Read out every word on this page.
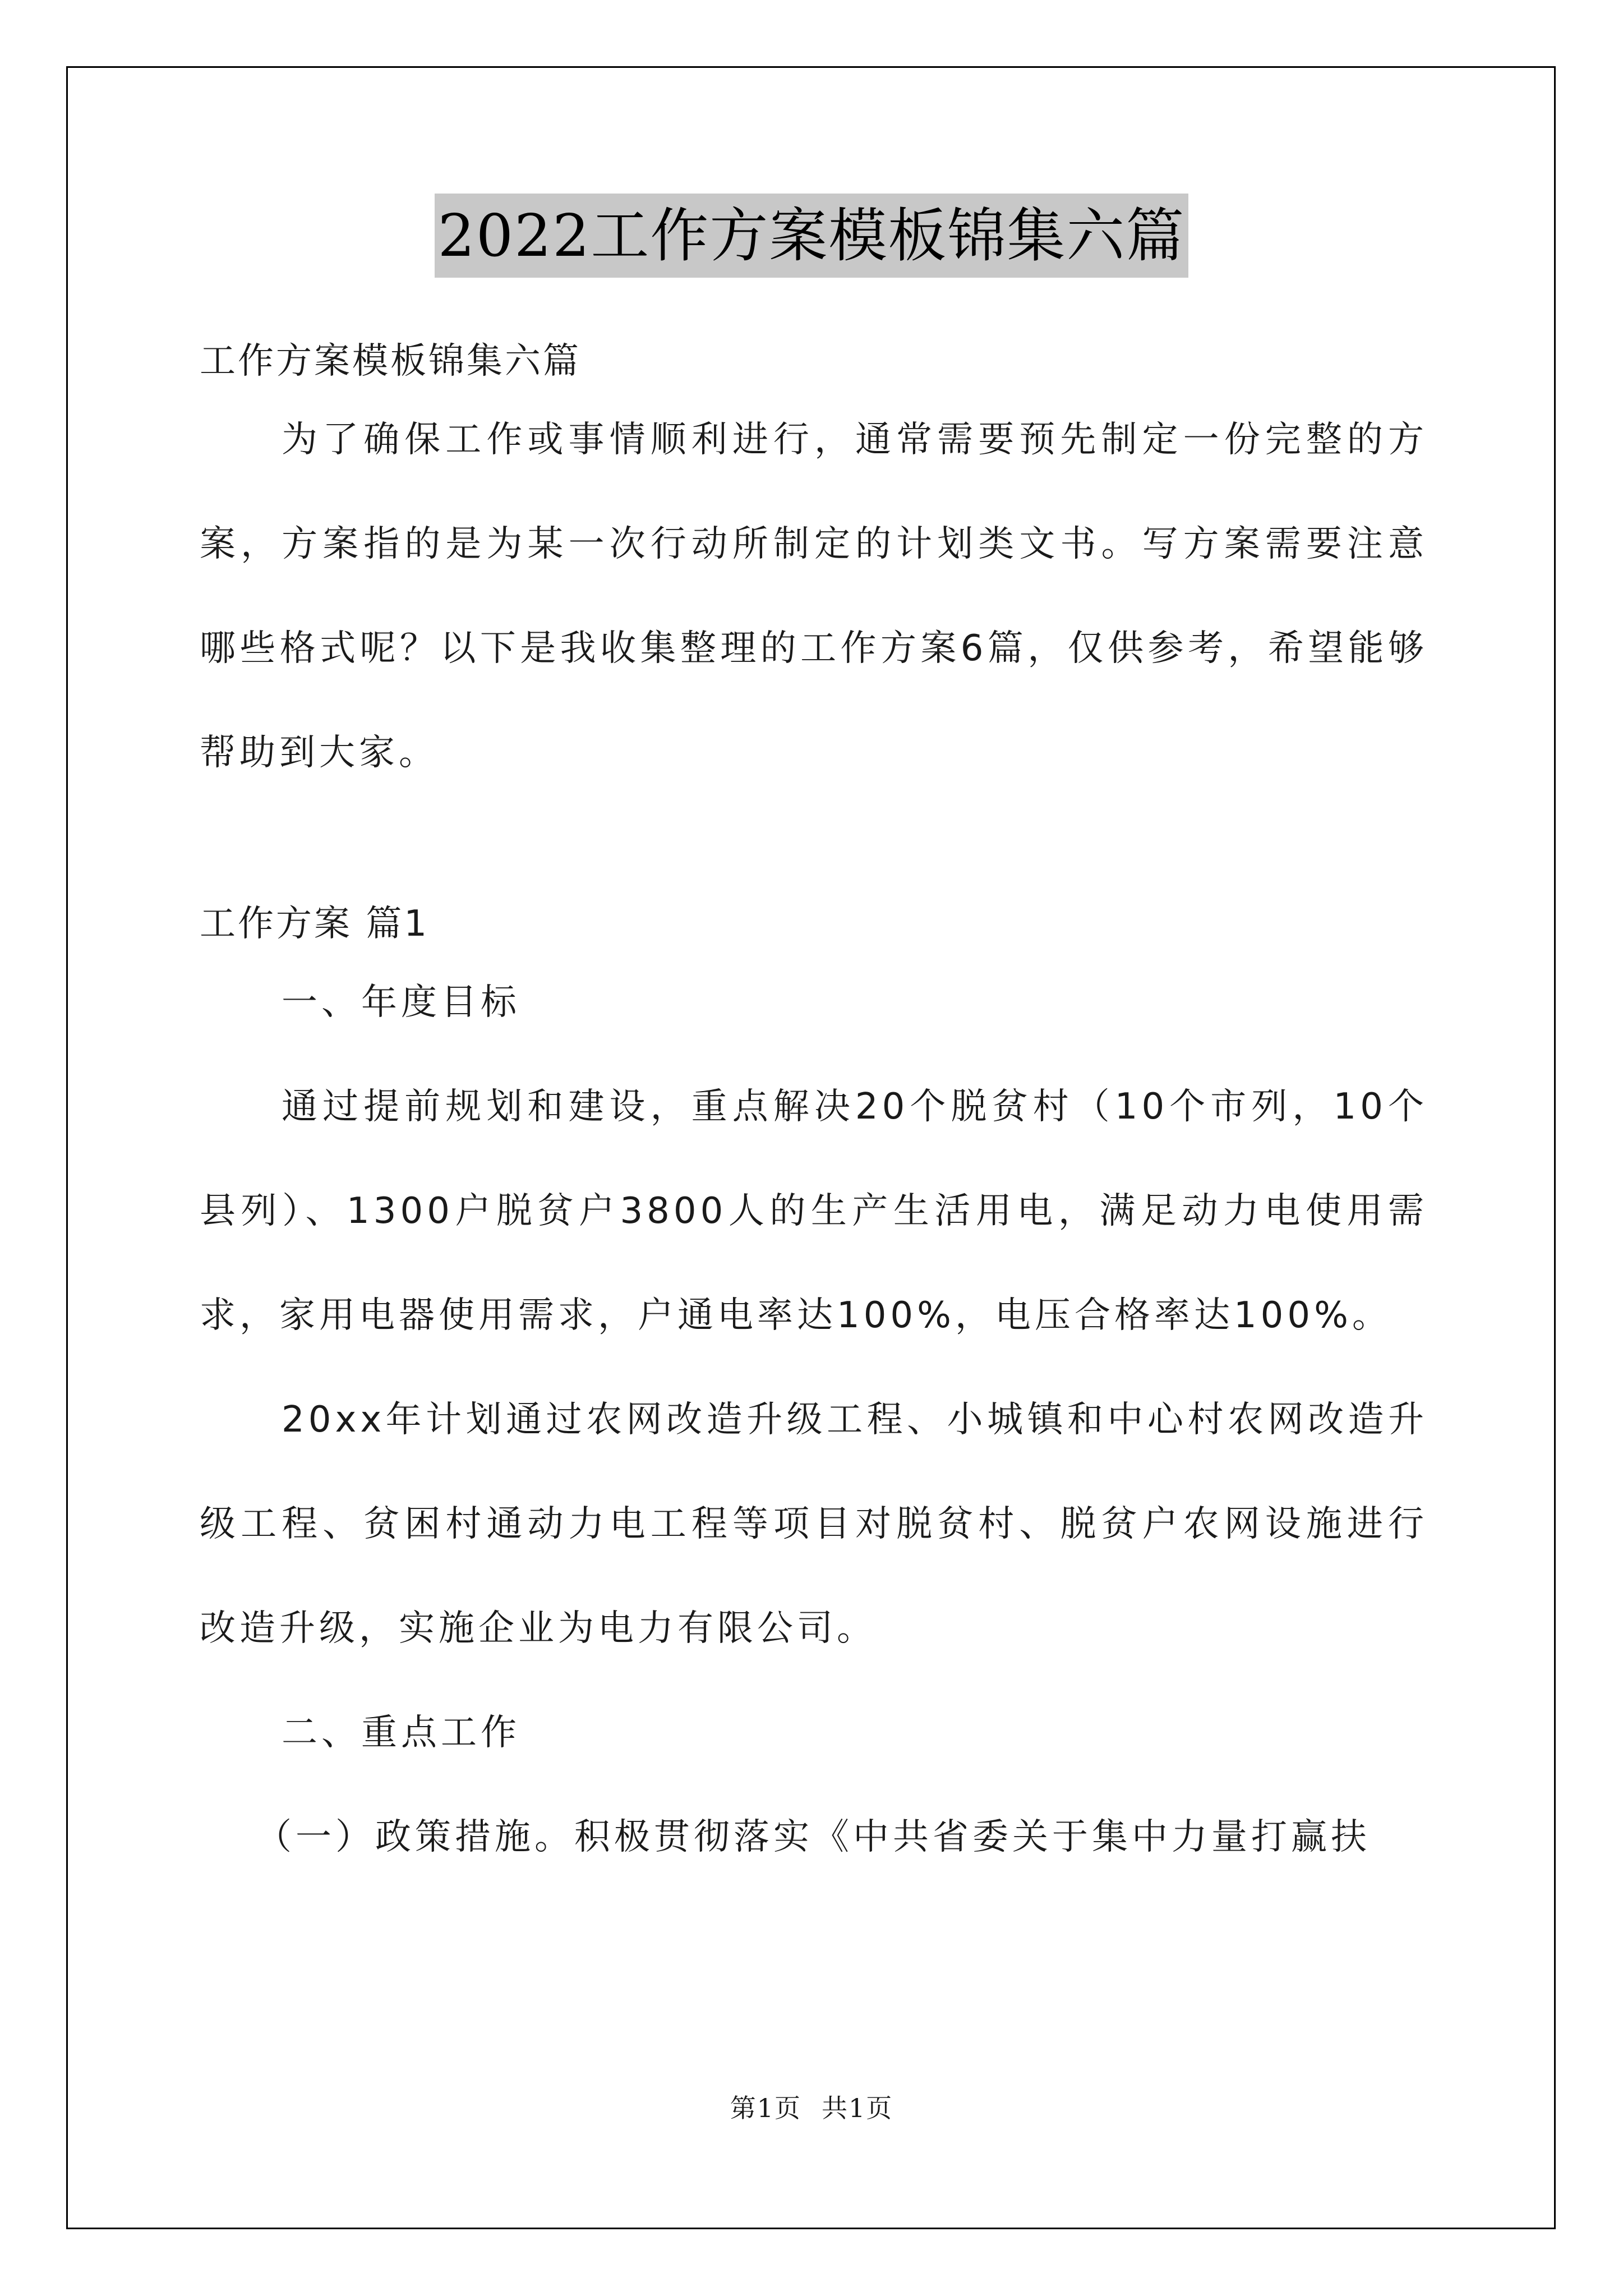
2022工作方案模板锦集六篇

工作方案模板锦集六篇

为了确保工作或事情顺利进行，通常需要预先制定一份完整的方案，方案指的是为某一次行动所制定的计划类文书。写方案需要注意哪些格式呢？以下是我收集整理的工作方案6篇，仅供参考，希望能够帮助到大家。

工作方案 篇1

一、年度目标

通过提前规划和建设，重点解决20个脱贫村（10个市列，10个县列）、1300户脱贫户3800人的生产生活用电，满足动力电使用需求，家用电器使用需求，户通电率达100%，电压合格率达100%。

20xx年计划通过农网改造升级工程、小城镇和中心村农网改造升级工程、贫困村通动力电工程等项目对脱贫村、脱贫户农网设施进行改造升级，实施企业为电力有限公司。

二、重点工作

（一）政策措施。积极贯彻落实《中共省委关于集中力量打赢扶

第1页 共1页
